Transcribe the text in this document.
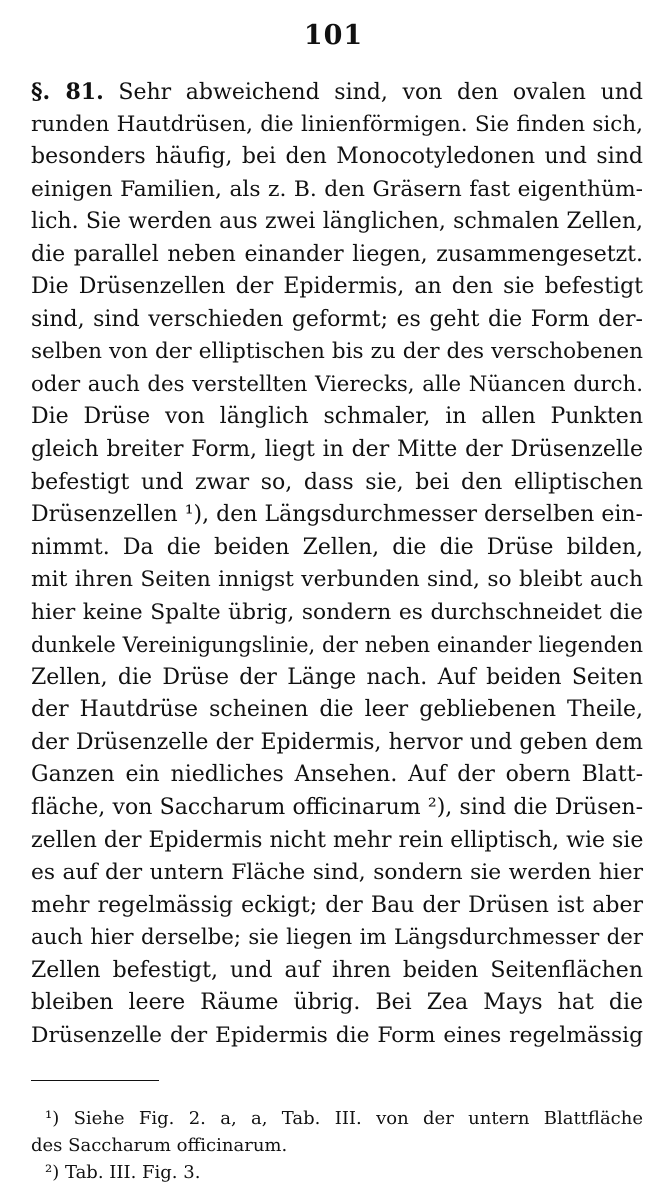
101
§. 81. Sehr abweichend sind, von den ovalen und
runden Hautdrüsen, die linienförmigen. Sie finden sich,
besonders häufig, bei den Monocotyledonen und sind
einigen Familien, als z. B. den Gräsern fast eigenthüm-
lich. Sie werden aus zwei länglichen, schmalen Zellen,
die parallel neben einander liegen, zusammengesetzt.
Die Drüsenzellen der Epidermis, an den sie befestigt
sind, sind verschieden geformt; es geht die Form der-
selben von der elliptischen bis zu der des verschobenen
oder auch des verstellten Vierecks, alle Nüancen durch.
Die Drüse von länglich schmaler, in allen Punkten
gleich breiter Form, liegt in der Mitte der Drüsenzelle
befestigt und zwar so, dass sie, bei den elliptischen
Drüsenzellen ¹), den Längsdurchmesser derselben ein-
nimmt. Da die beiden Zellen, die die Drüse bilden,
mit ihren Seiten innigst verbunden sind, so bleibt auch
hier keine Spalte übrig, sondern es durchschneidet die
dunkele Vereinigungslinie, der neben einander liegenden
Zellen, die Drüse der Länge nach. Auf beiden Seiten
der Hautdrüse scheinen die leer gebliebenen Theile,
der Drüsenzelle der Epidermis, hervor und geben dem
Ganzen ein niedliches Ansehen. Auf der obern Blatt-
fläche, von Saccharum officinarum ²), sind die Drüsen-
zellen der Epidermis nicht mehr rein elliptisch, wie sie
es auf der untern Fläche sind, sondern sie werden hier
mehr regelmässig eckigt; der Bau der Drüsen ist aber
auch hier derselbe; sie liegen im Längsdurchmesser der
Zellen befestigt, und auf ihren beiden Seitenflächen
bleiben leere Räume übrig. Bei Zea Mays hat die
Drüsenzelle der Epidermis die Form eines regelmässig
¹) Siehe Fig. 2. a, a, Tab. III. von der untern Blattfläche
des Saccharum officinarum.
²) Tab. III. Fig. 3.
